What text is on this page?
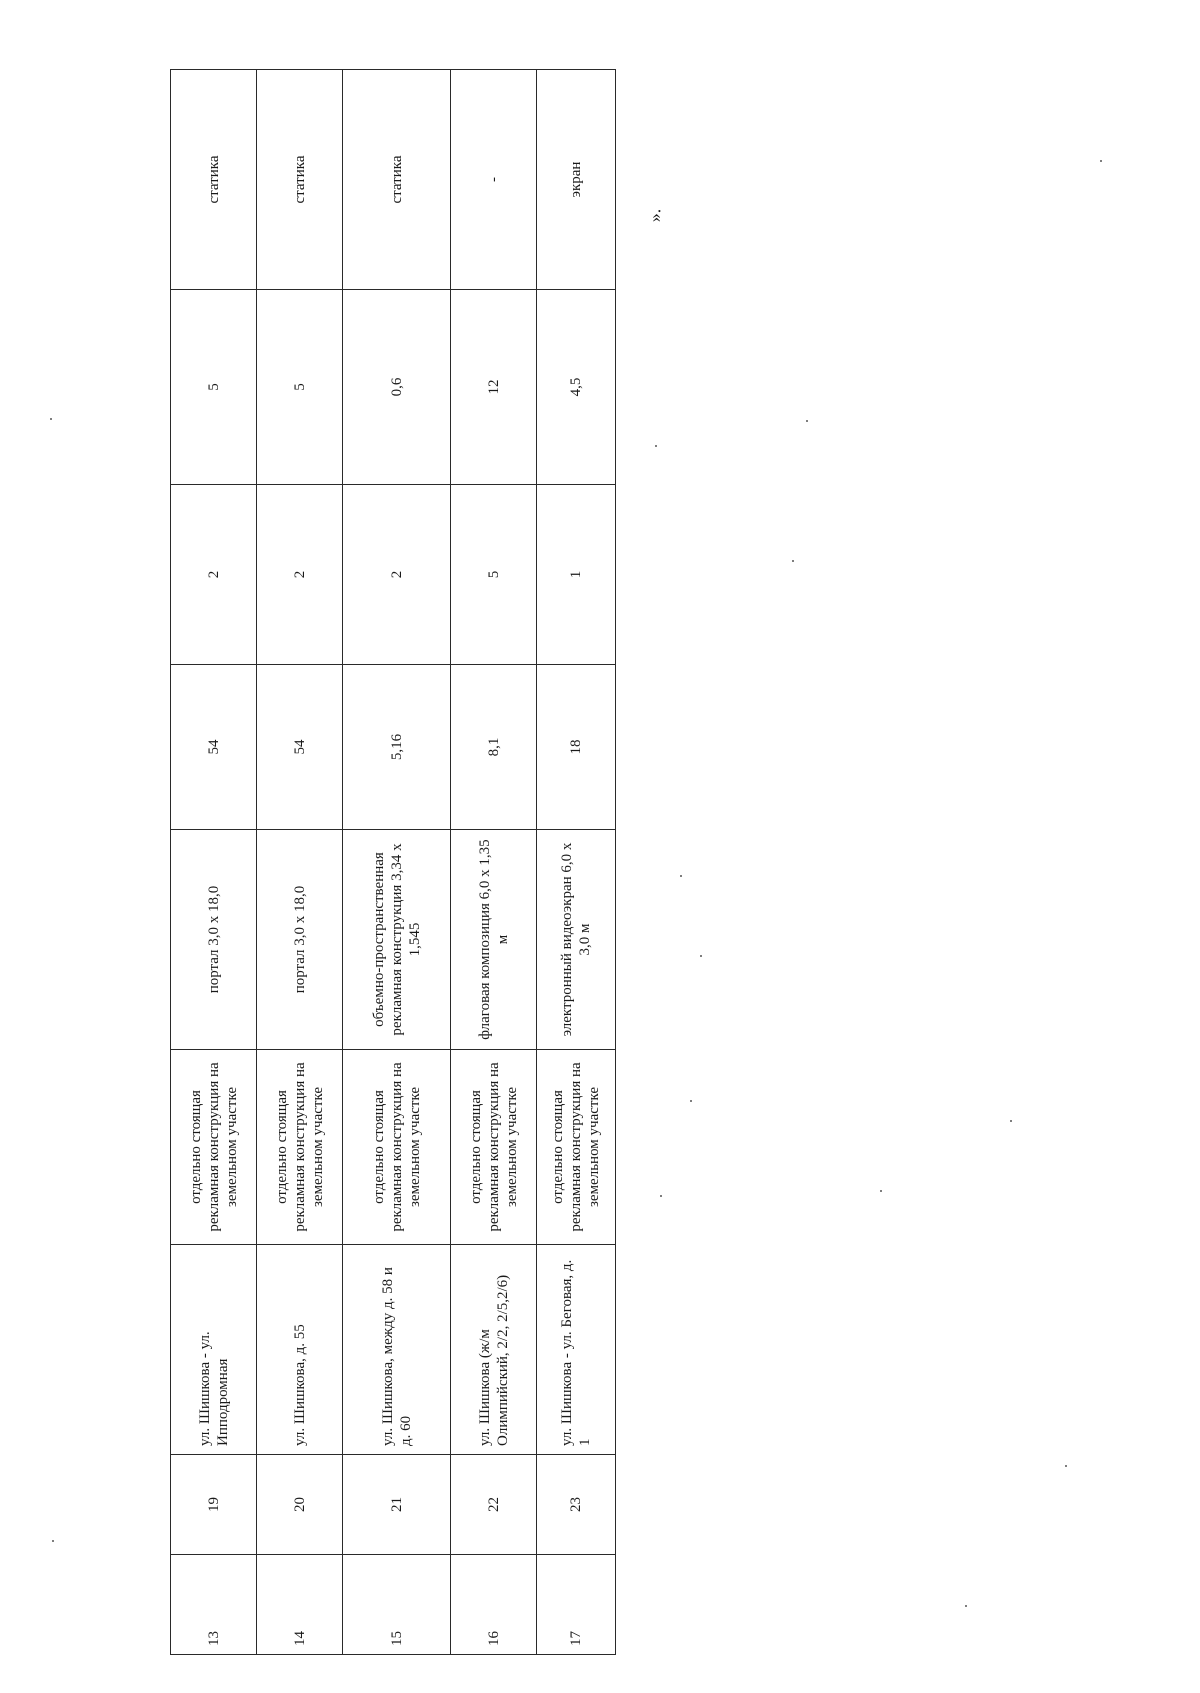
13	19	ул. Шишкова - ул. Ипподромная	отдельно стоящая рекламная конструкция на земельном участке	портал 3,0 х 18,0	54	2	5	статика
14	20	ул. Шишкова, д. 55	отдельно стоящая рекламная конструкция на земельном участке	портал 3,0 х 18,0	54	2	5	статика
15	21	ул. Шишкова, между д. 58 и д. 60	отдельно стоящая рекламная конструкция на земельном участке	объемно-пространственная рекламная конструкция 3,34 х 1,545	5,16	2	0,6	статика
16	22	ул. Шишкова (ж/м Олимпийский, 2/2, 2/5,2/6)	отдельно стоящая рекламная конструкция на земельном участке	флаговая композиция 6,0 х 1,35 м	8,1	5	12	-
17	23	ул. Шишкова - ул. Беговая, д. 1	отдельно стоящая рекламная конструкция на земельном участке	электронный видеоэкран 6,0 х 3,0 м	18	1	4,5	экран
».
